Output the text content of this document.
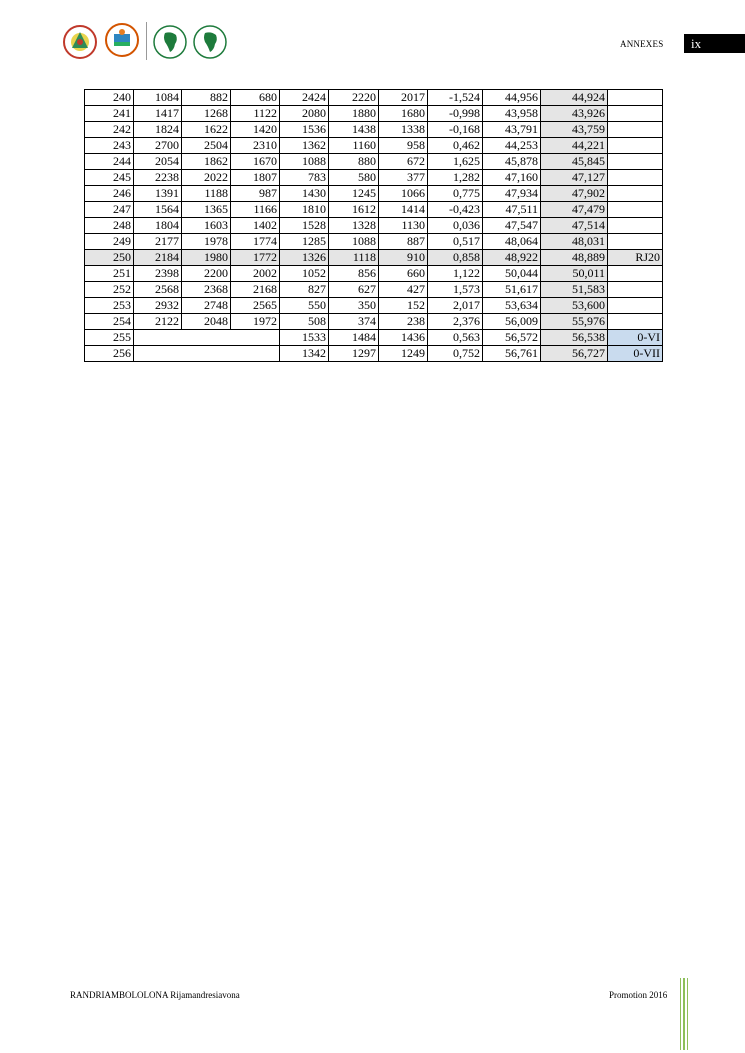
ANNEXES	ix
240	1084	882	680	2424	2220	2017	-1,524	44,956	44,924	
241	1417	1268	1122	2080	1880	1680	-0,998	43,958	43,926	
242	1824	1622	1420	1536	1438	1338	-0,168	43,791	43,759	
243	2700	2504	2310	1362	1160	958	0,462	44,253	44,221	
244	2054	1862	1670	1088	880	672	1,625	45,878	45,845	
245	2238	2022	1807	783	580	377	1,282	47,160	47,127	
246	1391	1188	987	1430	1245	1066	0,775	47,934	47,902	
247	1564	1365	1166	1810	1612	1414	-0,423	47,511	47,479	
248	1804	1603	1402	1528	1328	1130	0,036	47,547	47,514	
249	2177	1978	1774	1285	1088	887	0,517	48,064	48,031	
250	2184	1980	1772	1326	1118	910	0,858	48,922	48,889	RJ20
251	2398	2200	2002	1052	856	660	1,122	50,044	50,011	
252	2568	2368	2168	827	627	427	1,573	51,617	51,583	
253	2932	2748	2565	550	350	152	2,017	53,634	53,600	
254	2122	2048	1972	508	374	238	2,376	56,009	55,976	
255				1533	1484	1436	0,563	56,572	56,538	0-VI
256				1342	1297	1249	0,752	56,761	56,727	0-VII
RANDRIAMBOLOLONA Rijamandresiavona	Promotion 2016
